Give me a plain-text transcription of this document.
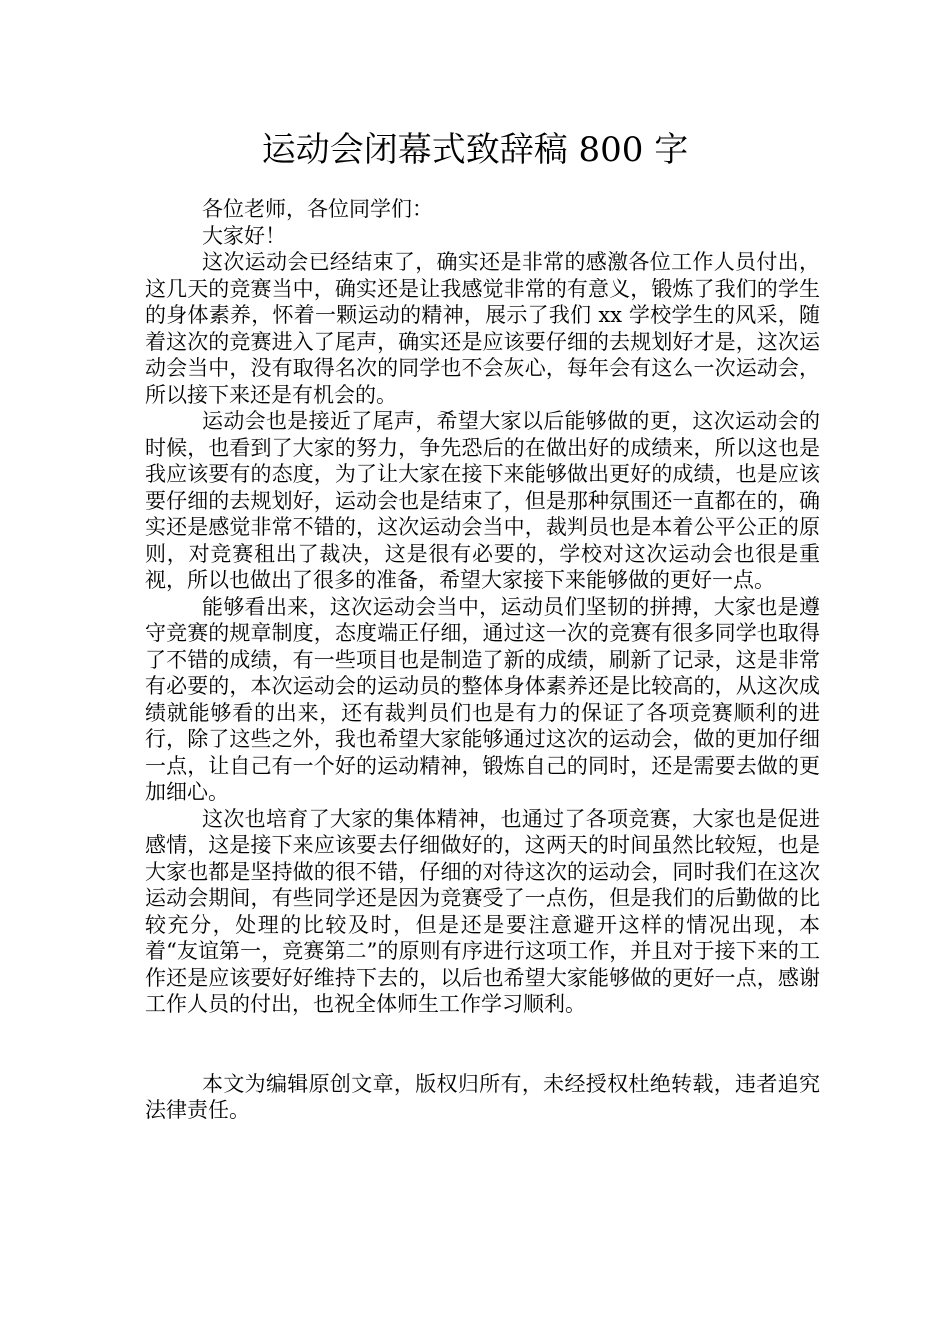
运动会闭幕式致辞稿 800 字

各位老师，各位同学们：

大家好！

这次运动会已经结束了，确实还是非常的感激各位工作人员付出，这几天的竞赛当中，确实还是让我感觉非常的有意义，锻炼了我们的学生的身体素养，怀着一颗运动的精神，展示了我们 xx 学校学生的风采，随着这次的竞赛进入了尾声，确实还是应该要仔细的去规划好才是，这次运动会当中，没有取得名次的同学也不会灰心，每年会有这么一次运动会，所以接下来还是有机会的。

运动会也是接近了尾声，希望大家以后能够做的更，这次运动会的时候，也看到了大家的努力，争先恐后的在做出好的成绩来，所以这也是我应该要有的态度，为了让大家在接下来能够做出更好的成绩，也是应该要仔细的去规划好，运动会也是结束了，但是那种氛围还一直都在的，确实还是感觉非常不错的，这次运动会当中，裁判员也是本着公平公正的原则，对竞赛租出了裁决，这是很有必要的，学校对这次运动会也很是重视，所以也做出了很多的准备，希望大家接下来能够做的更好一点。

能够看出来，这次运动会当中，运动员们坚韧的拼搏，大家也是遵守竞赛的规章制度，态度端正仔细，通过这一次的竞赛有很多同学也取得了不错的成绩，有一些项目也是制造了新的成绩，刷新了记录，这是非常有必要的，本次运动会的运动员的整体身体素养还是比较高的，从这次成绩就能够看的出来，还有裁判员们也是有力的保证了各项竞赛顺利的进行，除了这些之外，我也希望大家能够通过这次的运动会，做的更加仔细一点，让自己有一个好的运动精神，锻炼自己的同时，还是需要去做的更加细心。

这次也培育了大家的集体精神，也通过了各项竞赛，大家也是促进感情，这是接下来应该要去仔细做好的，这两天的时间虽然比较短，也是大家也都是坚持做的很不错，仔细的对待这次的运动会，同时我们在这次运动会期间，有些同学还是因为竞赛受了一点伤，但是我们的后勤做的比较充分，处理的比较及时，但是还是要注意避开这样的情况出现，本着“友谊第一，竞赛第二”的原则有序进行这项工作，并且对于接下来的工作还是应该要好好维持下去的，以后也希望大家能够做的更好一点，感谢工作人员的付出，也祝全体师生工作学习顺利。

本文为编辑原创文章，版权归所有，未经授权杜绝转载，违者追究法律责任。
